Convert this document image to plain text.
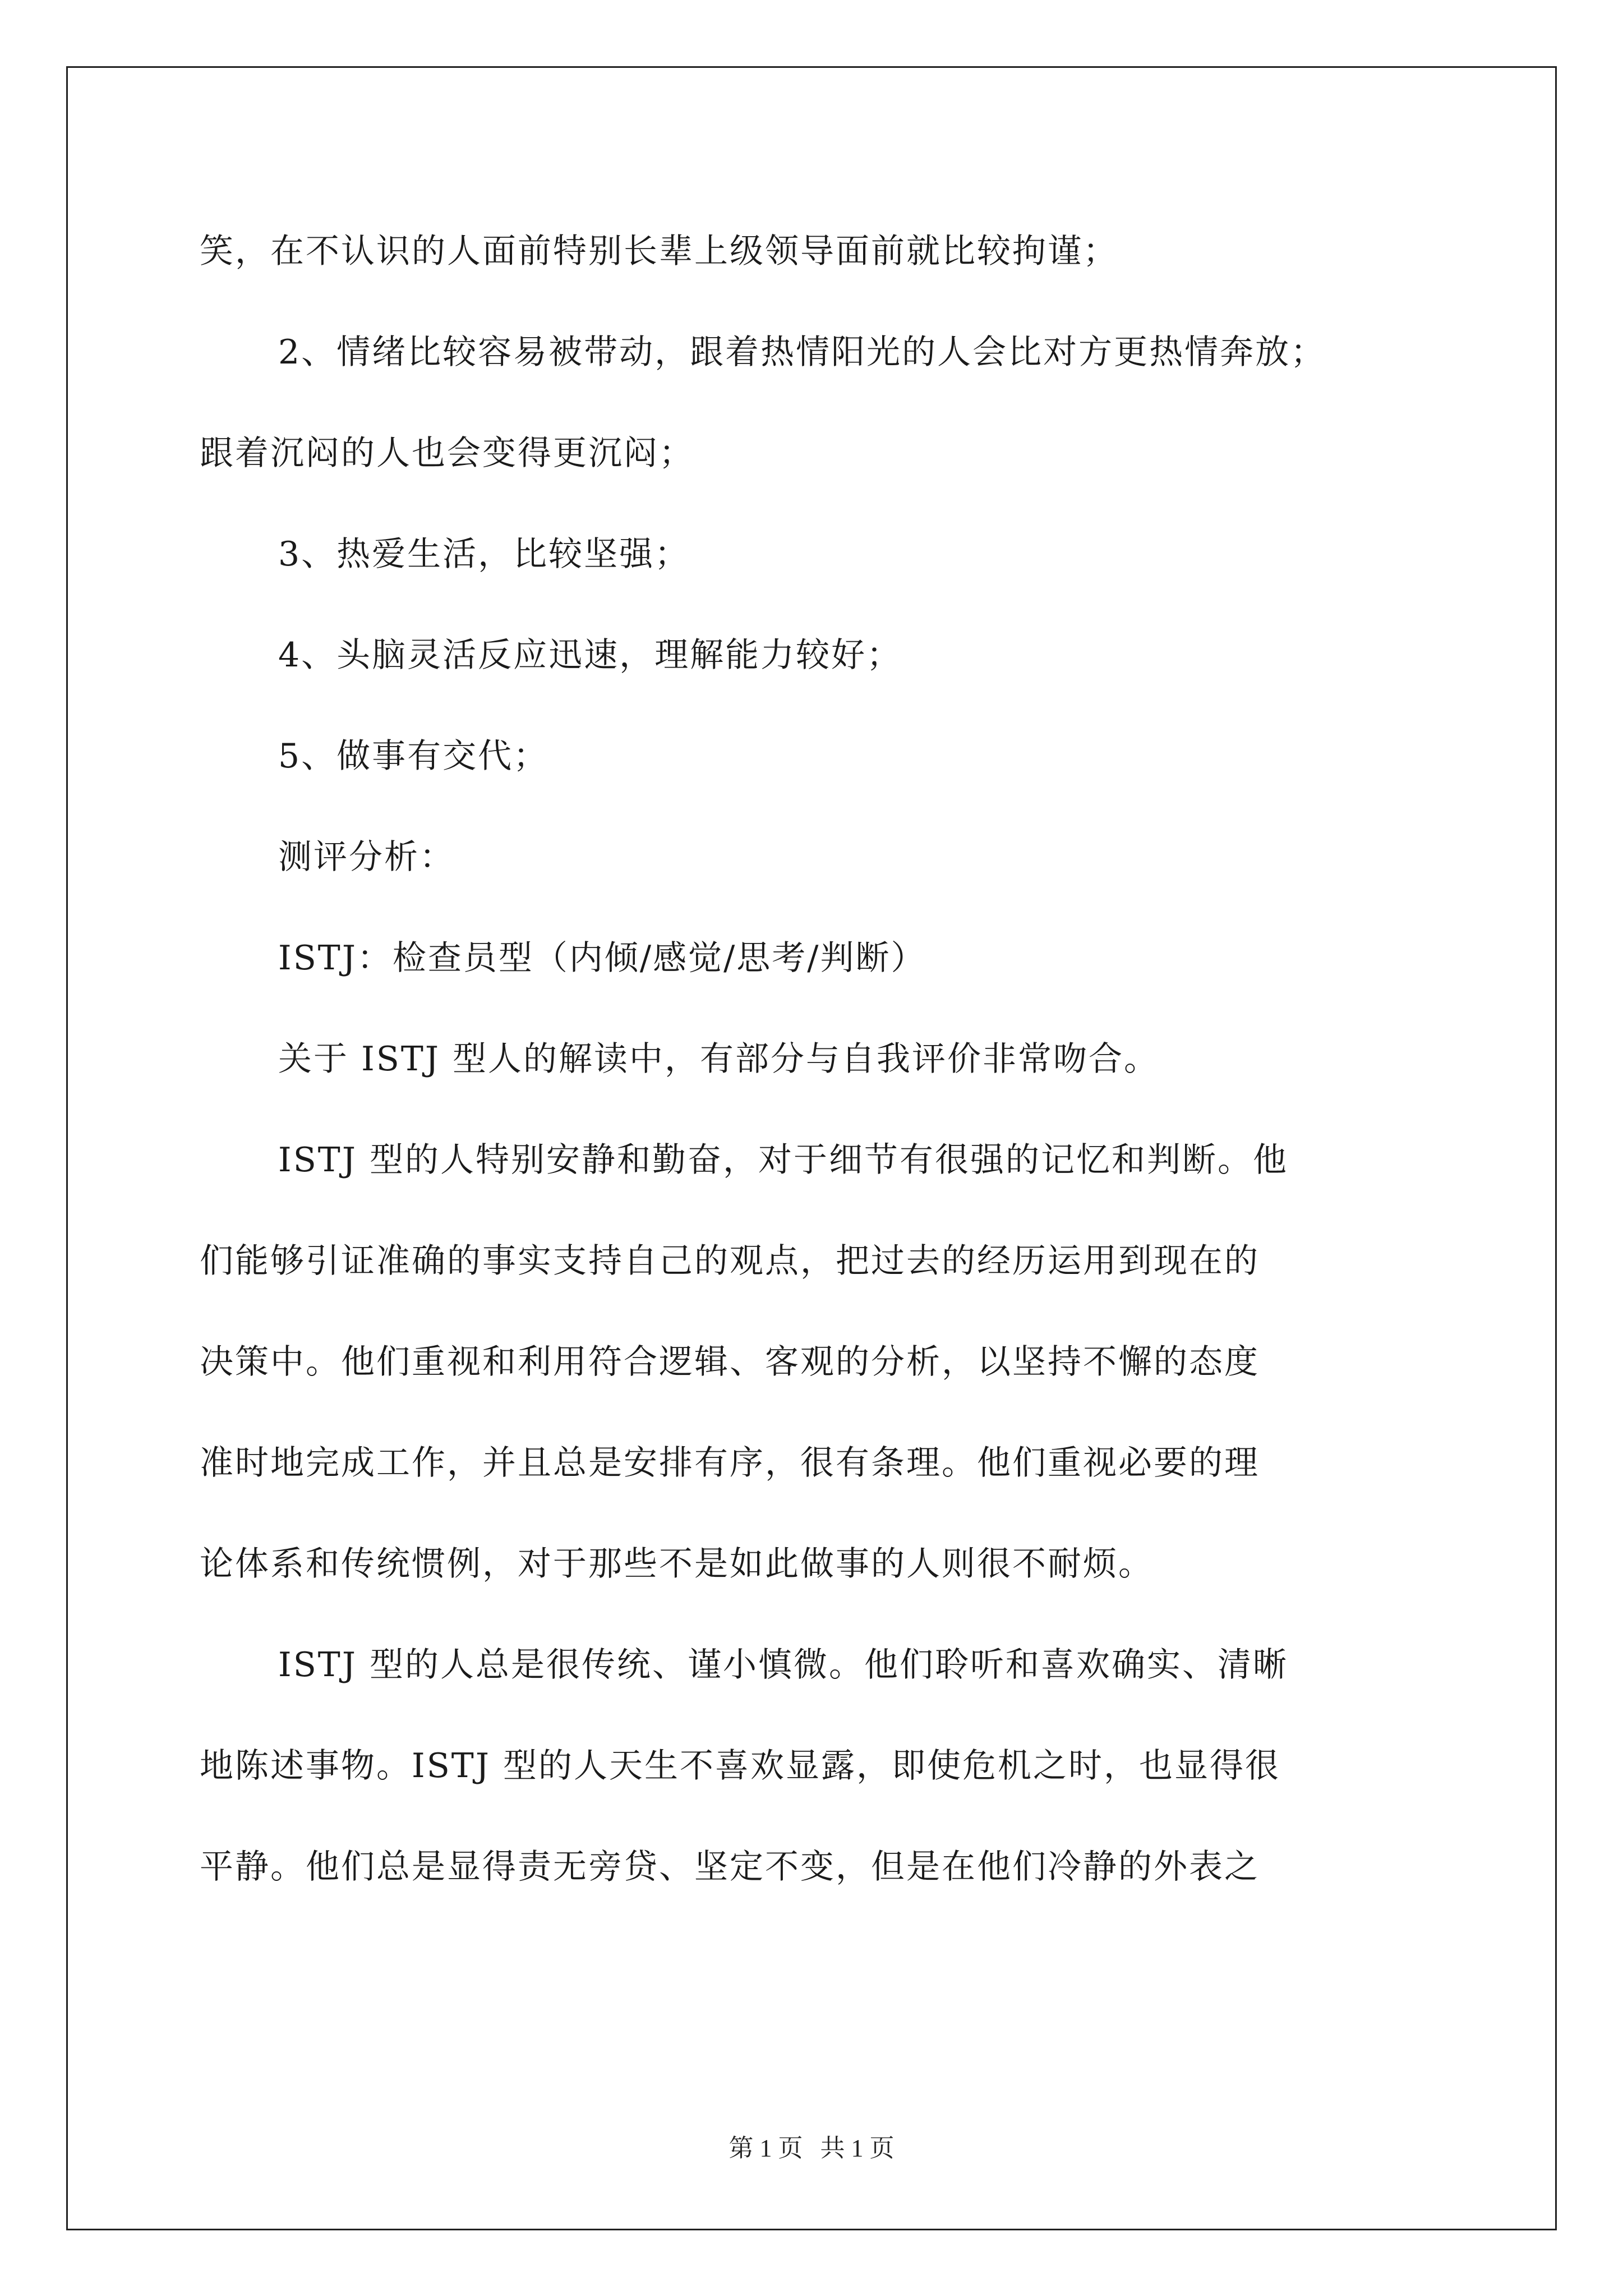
笑，在不认识的人面前特别长辈上级领导面前就比较拘谨；
2、情绪比较容易被带动，跟着热情阳光的人会比对方更热情奔放；
跟着沉闷的人也会变得更沉闷；
3、热爱生活，比较坚强；
4、头脑灵活反应迅速，理解能力较好；
5、做事有交代；
测评分析：
ISTJ：检查员型（内倾/感觉/思考/判断）
关于 ISTJ 型人的解读中，有部分与自我评价非常吻合。
ISTJ 型的人特别安静和勤奋，对于细节有很强的记忆和判断。他
们能够引证准确的事实支持自己的观点，把过去的经历运用到现在的
决策中。他们重视和利用符合逻辑、客观的分析，以坚持不懈的态度
准时地完成工作，并且总是安排有序，很有条理。他们重视必要的理
论体系和传统惯例，对于那些不是如此做事的人则很不耐烦。
ISTJ 型的人总是很传统、谨小慎微。他们聆听和喜欢确实、清晰
地陈述事物。ISTJ 型的人天生不喜欢显露，即使危机之时，也显得很
平静。他们总是显得责无旁贷、坚定不变，但是在他们冷静的外表之
第 1 页 共 1 页
